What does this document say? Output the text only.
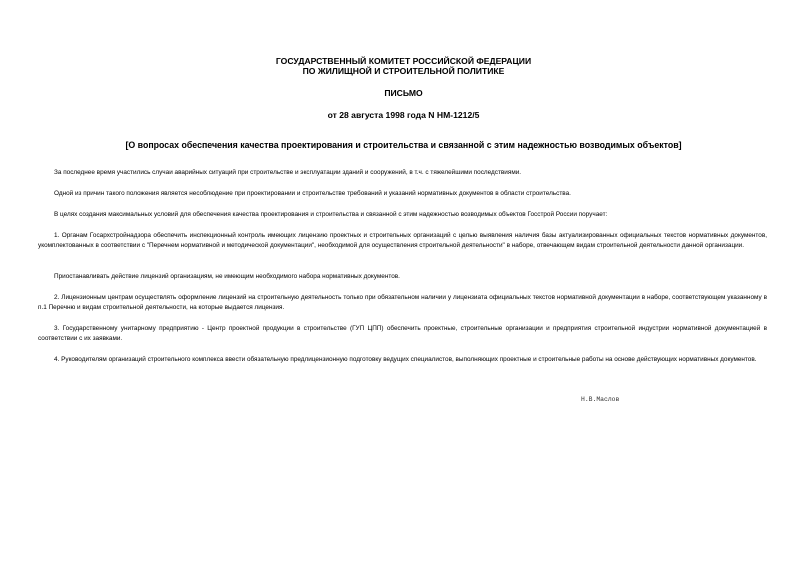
ГОСУДАРСТВЕННЫЙ КОМИТЕТ РОССИЙСКОЙ ФЕДЕРАЦИИ
ПО ЖИЛИЩНОЙ И СТРОИТЕЛЬНОЙ ПОЛИТИКЕ
ПИСЬМО
от 28 августа 1998 года N НМ-1212/5
[О вопросах обеспечения качества проектирования и строительства и связанной с этим надежностью возводимых объектов]
За последнее время участились случаи аварийных ситуаций при строительстве и эксплуатации зданий и сооружений, в т.ч. с тяжелейшими последствиями.
Одной из причин такого положения является несоблюдение при проектировании и строительстве требований и указаний нормативных документов в области строительства.
В целях создания максимальных условий для обеспечения качества проектирования и строительства и связанной с этим надежностью возводимых объектов Госстрой России поручает:
1. Органам Госархстройнадзора обеспечить инспекционный контроль имеющих лицензию проектных и строительных организаций с целью выявления наличия базы актуализированных официальных текстов нормативных документов, укомплектованных в соответствии с "Перечнем нормативной и методической документации", необходимой для осуществления строительной деятельности" в наборе, отвечающем видам строительной деятельности данной организации.
Приостанавливать действие лицензий организациям, не имеющим необходимого набора нормативных документов.
2. Лицензионным центрам осуществлять оформление лицензий на строительную деятельность только при обязательном наличии у лицензиата официальных текстов нормативной документации в наборе, соответствующем указанному в п.1 Перечню и видам строительной деятельности, на которые выдается лицензия.
3. Государственному унитарному предприятию - Центр проектной продукции в строительстве (ГУП ЦПП) обеспечить проектные, строительные организации и предприятия строительной индустрии нормативной документацией в соответствии с их заявками.
4. Руководителям организаций строительного комплекса ввести обязательную предлицензионную подготовку ведущих специалистов, выполняющих проектные и строительные работы на основе действующих нормативных документов.
Н.В.Маслов
